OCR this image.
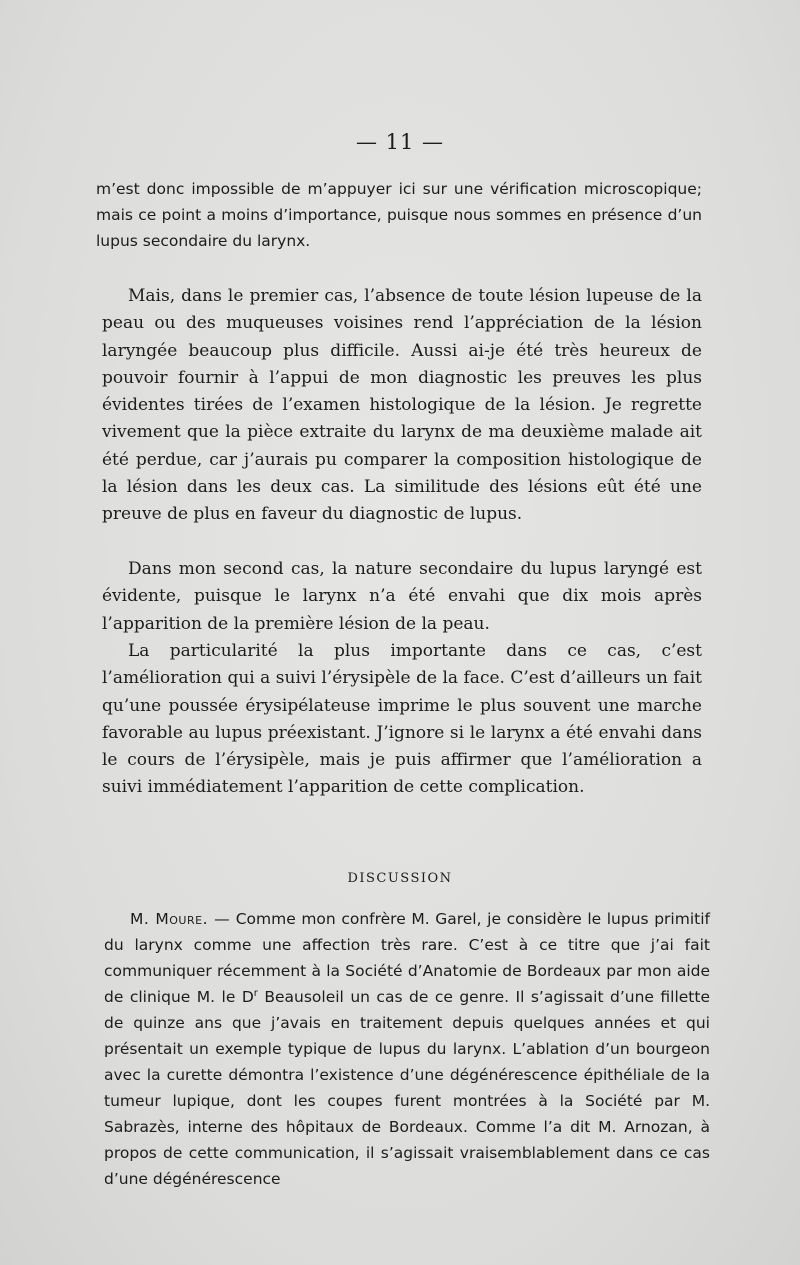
— 11 —

m’est donc impossible de m’appuyer ici sur une vérification microscopique; mais ce point a moins d’importance, puisque nous sommes en présence d’un lupus secondaire du larynx.

Mais, dans le premier cas, l’absence de toute lésion lupeuse de la peau ou des muqueuses voisines rend l’appréciation de la lésion laryngée beaucoup plus difficile. Aussi ai-je été très heureux de pouvoir fournir à l’appui de mon diagnostic les preuves les plus évidentes tirées de l’examen histologique de la lésion. Je regrette vivement que la pièce extraite du larynx de ma deuxième malade ait été perdue, car j’aurais pu comparer la composition histologique de la lésion dans les deux cas. La similitude des lésions eût été une preuve de plus en faveur du diagnostic de lupus.

Dans mon second cas, la nature secondaire du lupus laryngé est évidente, puisque le larynx n’a été envahi que dix mois après l’apparition de la première lésion de la peau.

La particularité la plus importante dans ce cas, c’est l’amélioration qui a suivi l’érysipèle de la face. C’est d’ailleurs un fait qu’une poussée érysipélateuse imprime le plus souvent une marche favorable au lupus préexistant. J’ignore si le larynx a été envahi dans le cours de l’érysipèle, mais je puis affirmer que l’amélioration a suivi immédiatement l’apparition de cette complication.

DISCUSSION

M. Moure. — Comme mon confrère M. Garel, je considère le lupus primitif du larynx comme une affection très rare. C’est à ce titre que j’ai fait communiquer récemment à la Société d’Anatomie de Bordeaux par mon aide de clinique M. le $D^r$ Beausoleil un cas de ce genre. Il s’agissait d’une fillette de quinze ans que j’avais en traitement depuis quelques années et qui présentait un exemple typique de lupus du larynx. L’ablation d’un bourgeon avec la curette démontra l’existence d’une dégénérescence épithéliale de la tumeur lupique, dont les coupes furent montrées à la Société par M. Sabrazès, interne des hôpitaux de Bordeaux. Comme l’a dit M. Arnozan, à propos de cette communication, il s’agissait vraisemblablement dans ce cas d’une dégénérescence
